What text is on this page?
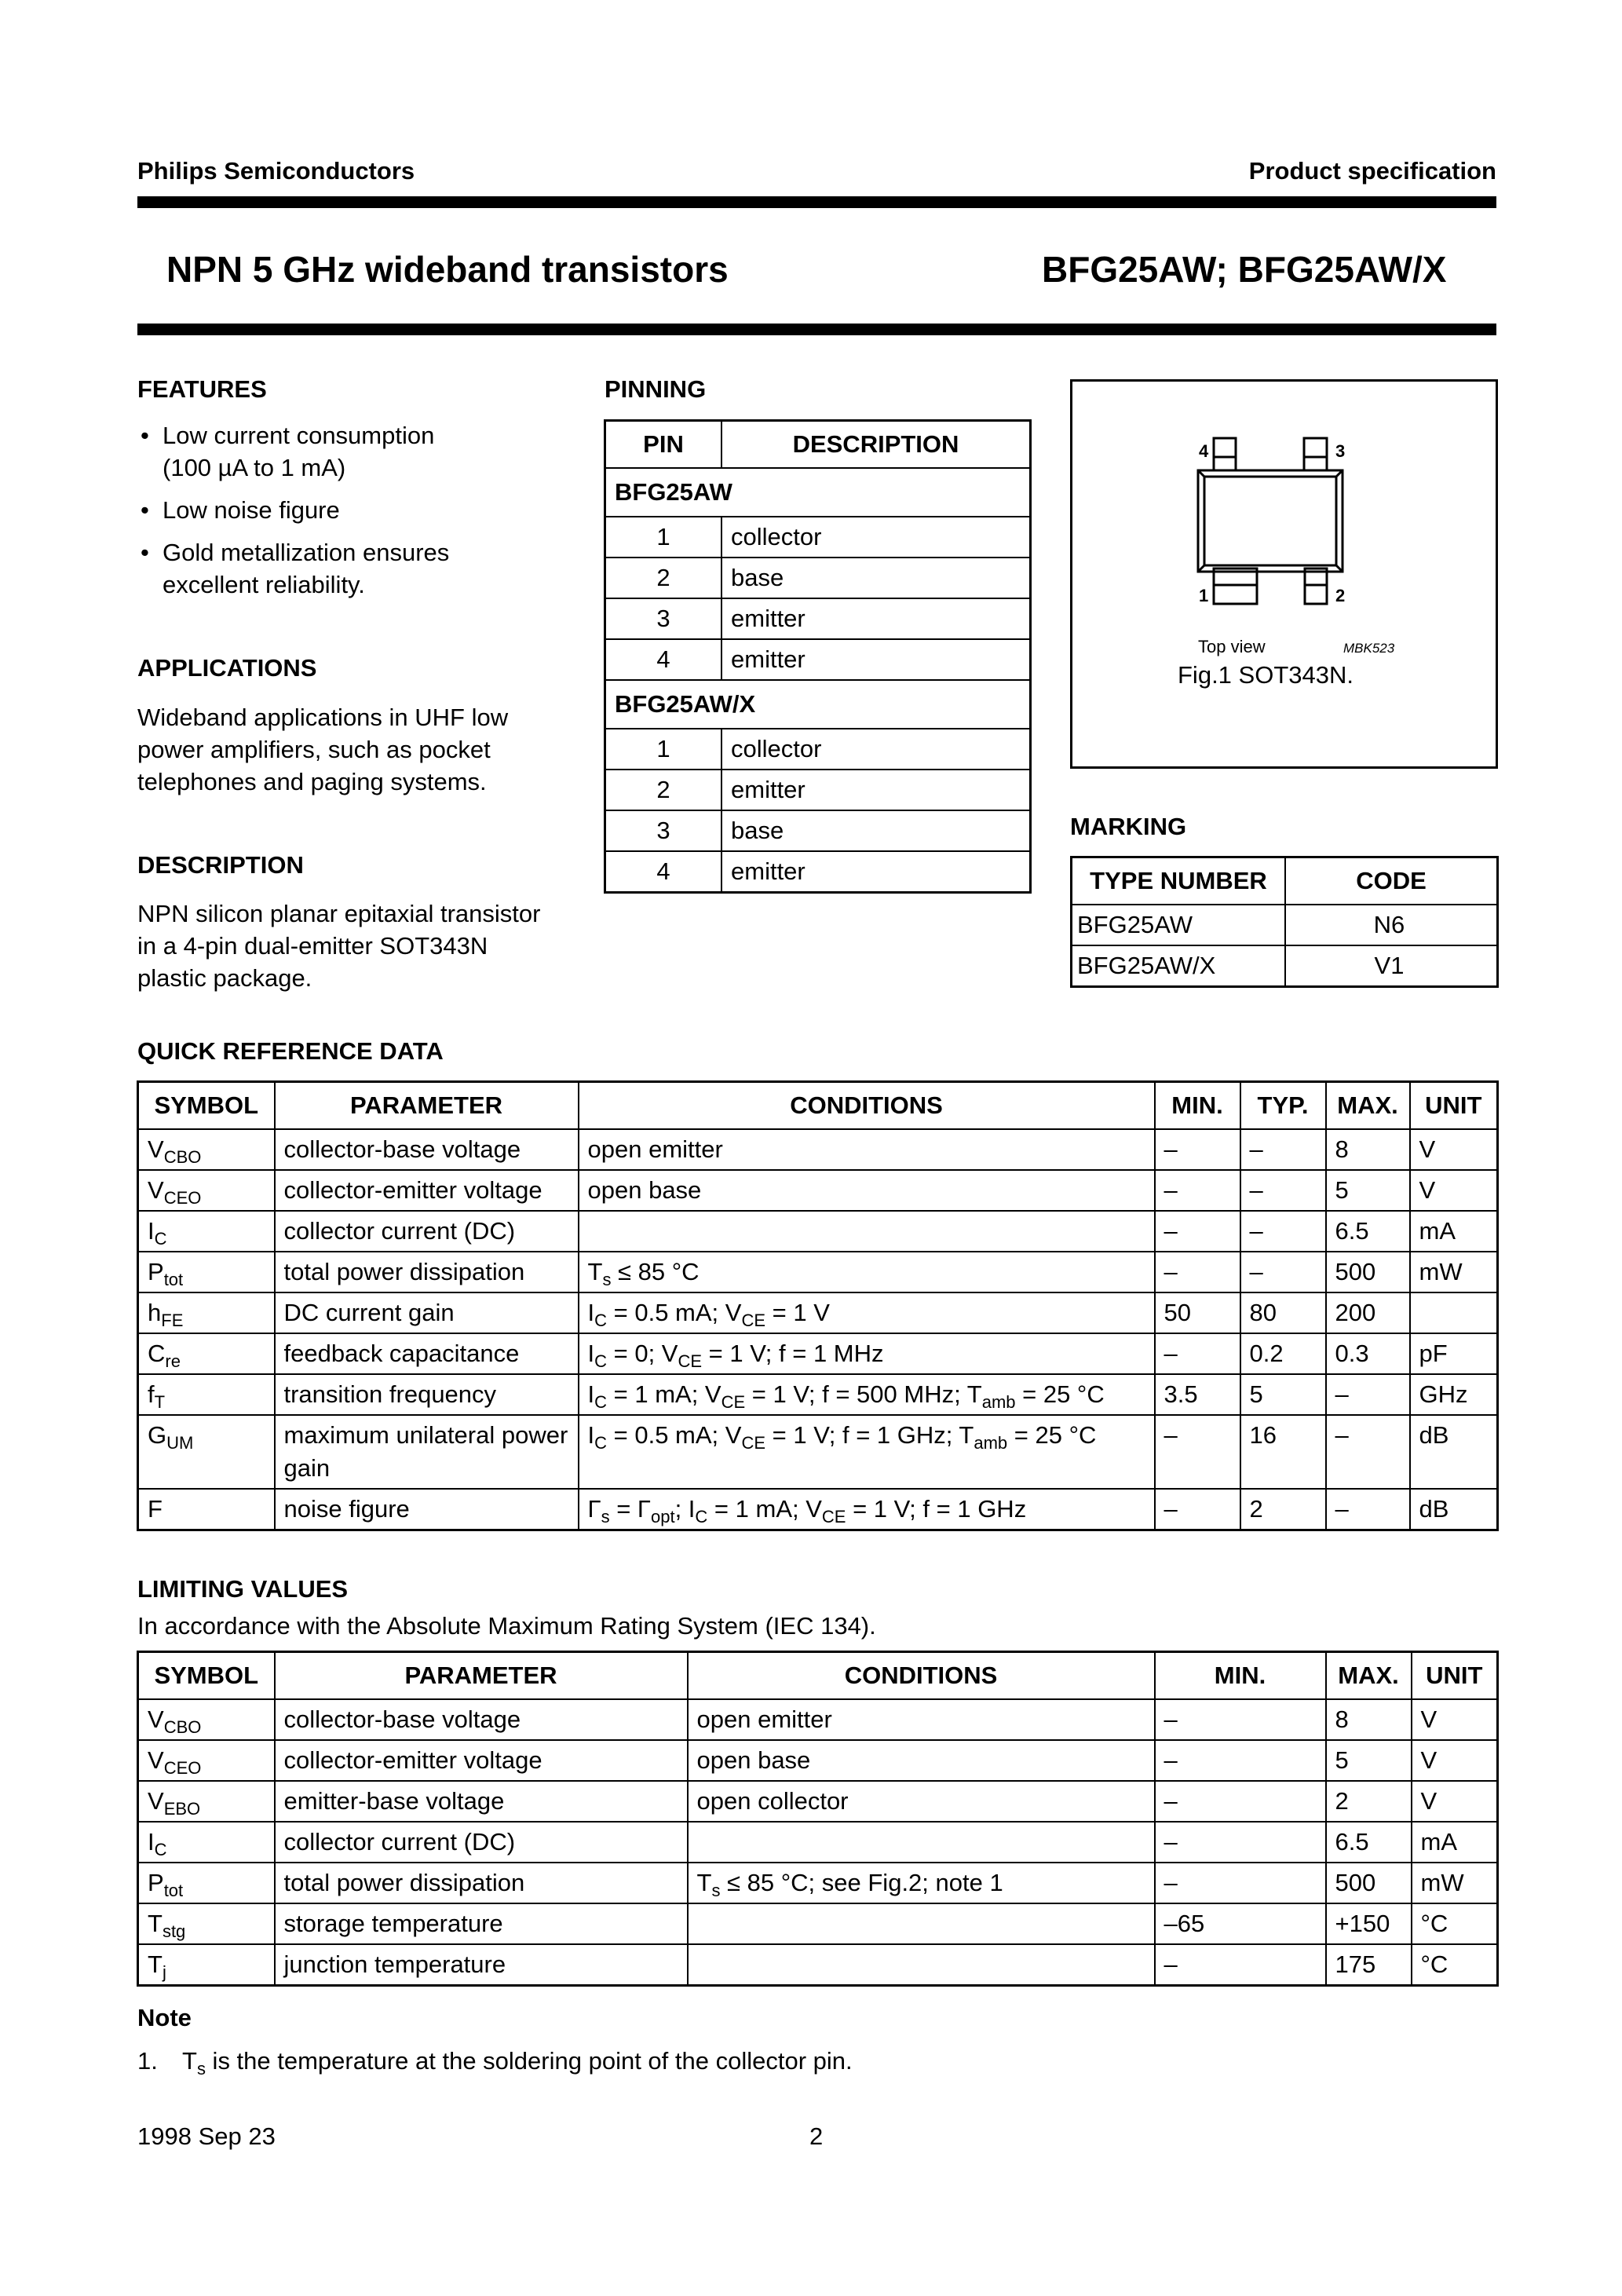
Philips Semiconductors	Product specification
NPN 5 GHz wideband transistors	BFG25AW; BFG25AW/X
FEATURES
• Low current consumption
(100 µA to 1 mA)
• Low noise figure
• Gold metallization ensures
excellent reliability.
APPLICATIONS
Wideband applications in UHF low
power amplifiers, such as pocket
telephones and paging systems.
DESCRIPTION
NPN silicon planar epitaxial transistor
in a 4-pin dual-emitter SOT343N
plastic package.
PINNING
PIN	DESCRIPTION
BFG25AW	
1	collector
2	base
3	emitter
4	emitter
BFG25AW/X	
1	collector
2	emitter
3	base
4	emitter
4	3
1	2
Top view	MBK523
Fig.1 SOT343N.
MARKING
TYPE NUMBER	CODE
BFG25AW	N6
BFG25AW/X	V1
QUICK REFERENCE DATA
SYMBOL	PARAMETER	CONDITIONS	MIN.	TYP.	MAX.	UNIT
$V_{CBO}$	collector-base voltage	open emitter	–	–	8	V
$V_{CEO}$	collector-emitter voltage	open base	–	–	5	V
$I_C$	collector current (DC)		–	–	6.5	mA
$P_{tot}$	total power dissipation	$T_s \le 85$ °C	–	–	500	mW
$h_{FE}$	DC current gain	$I_C = 0.5$ mA; $V_{CE} = 1$ V	50	80	200	
$C_{re}$	feedback capacitance	$I_C = 0$; $V_{CE} = 1$ V; f = 1 MHz	–	0.2	0.3	pF
$f_T$	transition frequency	$I_C = 1$ mA; $V_{CE} = 1$ V; f = 500 MHz; $T_{amb} = 25$ °C	3.5	5	–	GHz
$G_{UM}$	maximum unilateral power gain	$I_C = 0.5$ mA; $V_{CE} = 1$ V; f = 1 GHz; $T_{amb} = 25$ °C	–	16	–	dB
F	noise figure	$\Gamma_s = \Gamma_{opt}$; $I_C = 1$ mA; $V_{CE} = 1$ V; f = 1 GHz	–	2	–	dB
LIMITING VALUES
In accordance with the Absolute Maximum Rating System (IEC 134).
SYMBOL	PARAMETER	CONDITIONS	MIN.	MAX.	UNIT
$V_{CBO}$	collector-base voltage	open emitter	–	8	V
$V_{CEO}$	collector-emitter voltage	open base	–	5	V
$V_{EBO}$	emitter-base voltage	open collector	–	2	V
$I_C$	collector current (DC)		–	6.5	mA
$P_{tot}$	total power dissipation	$T_s \le 85$ °C; see Fig.2; note 1	–	500	mW
$T_{stg}$	storage temperature		–65	+150	°C
$T_j$	junction temperature		–	175	°C
Note
1. $T_s$ is the temperature at the soldering point of the collector pin.
1998 Sep 23	2
